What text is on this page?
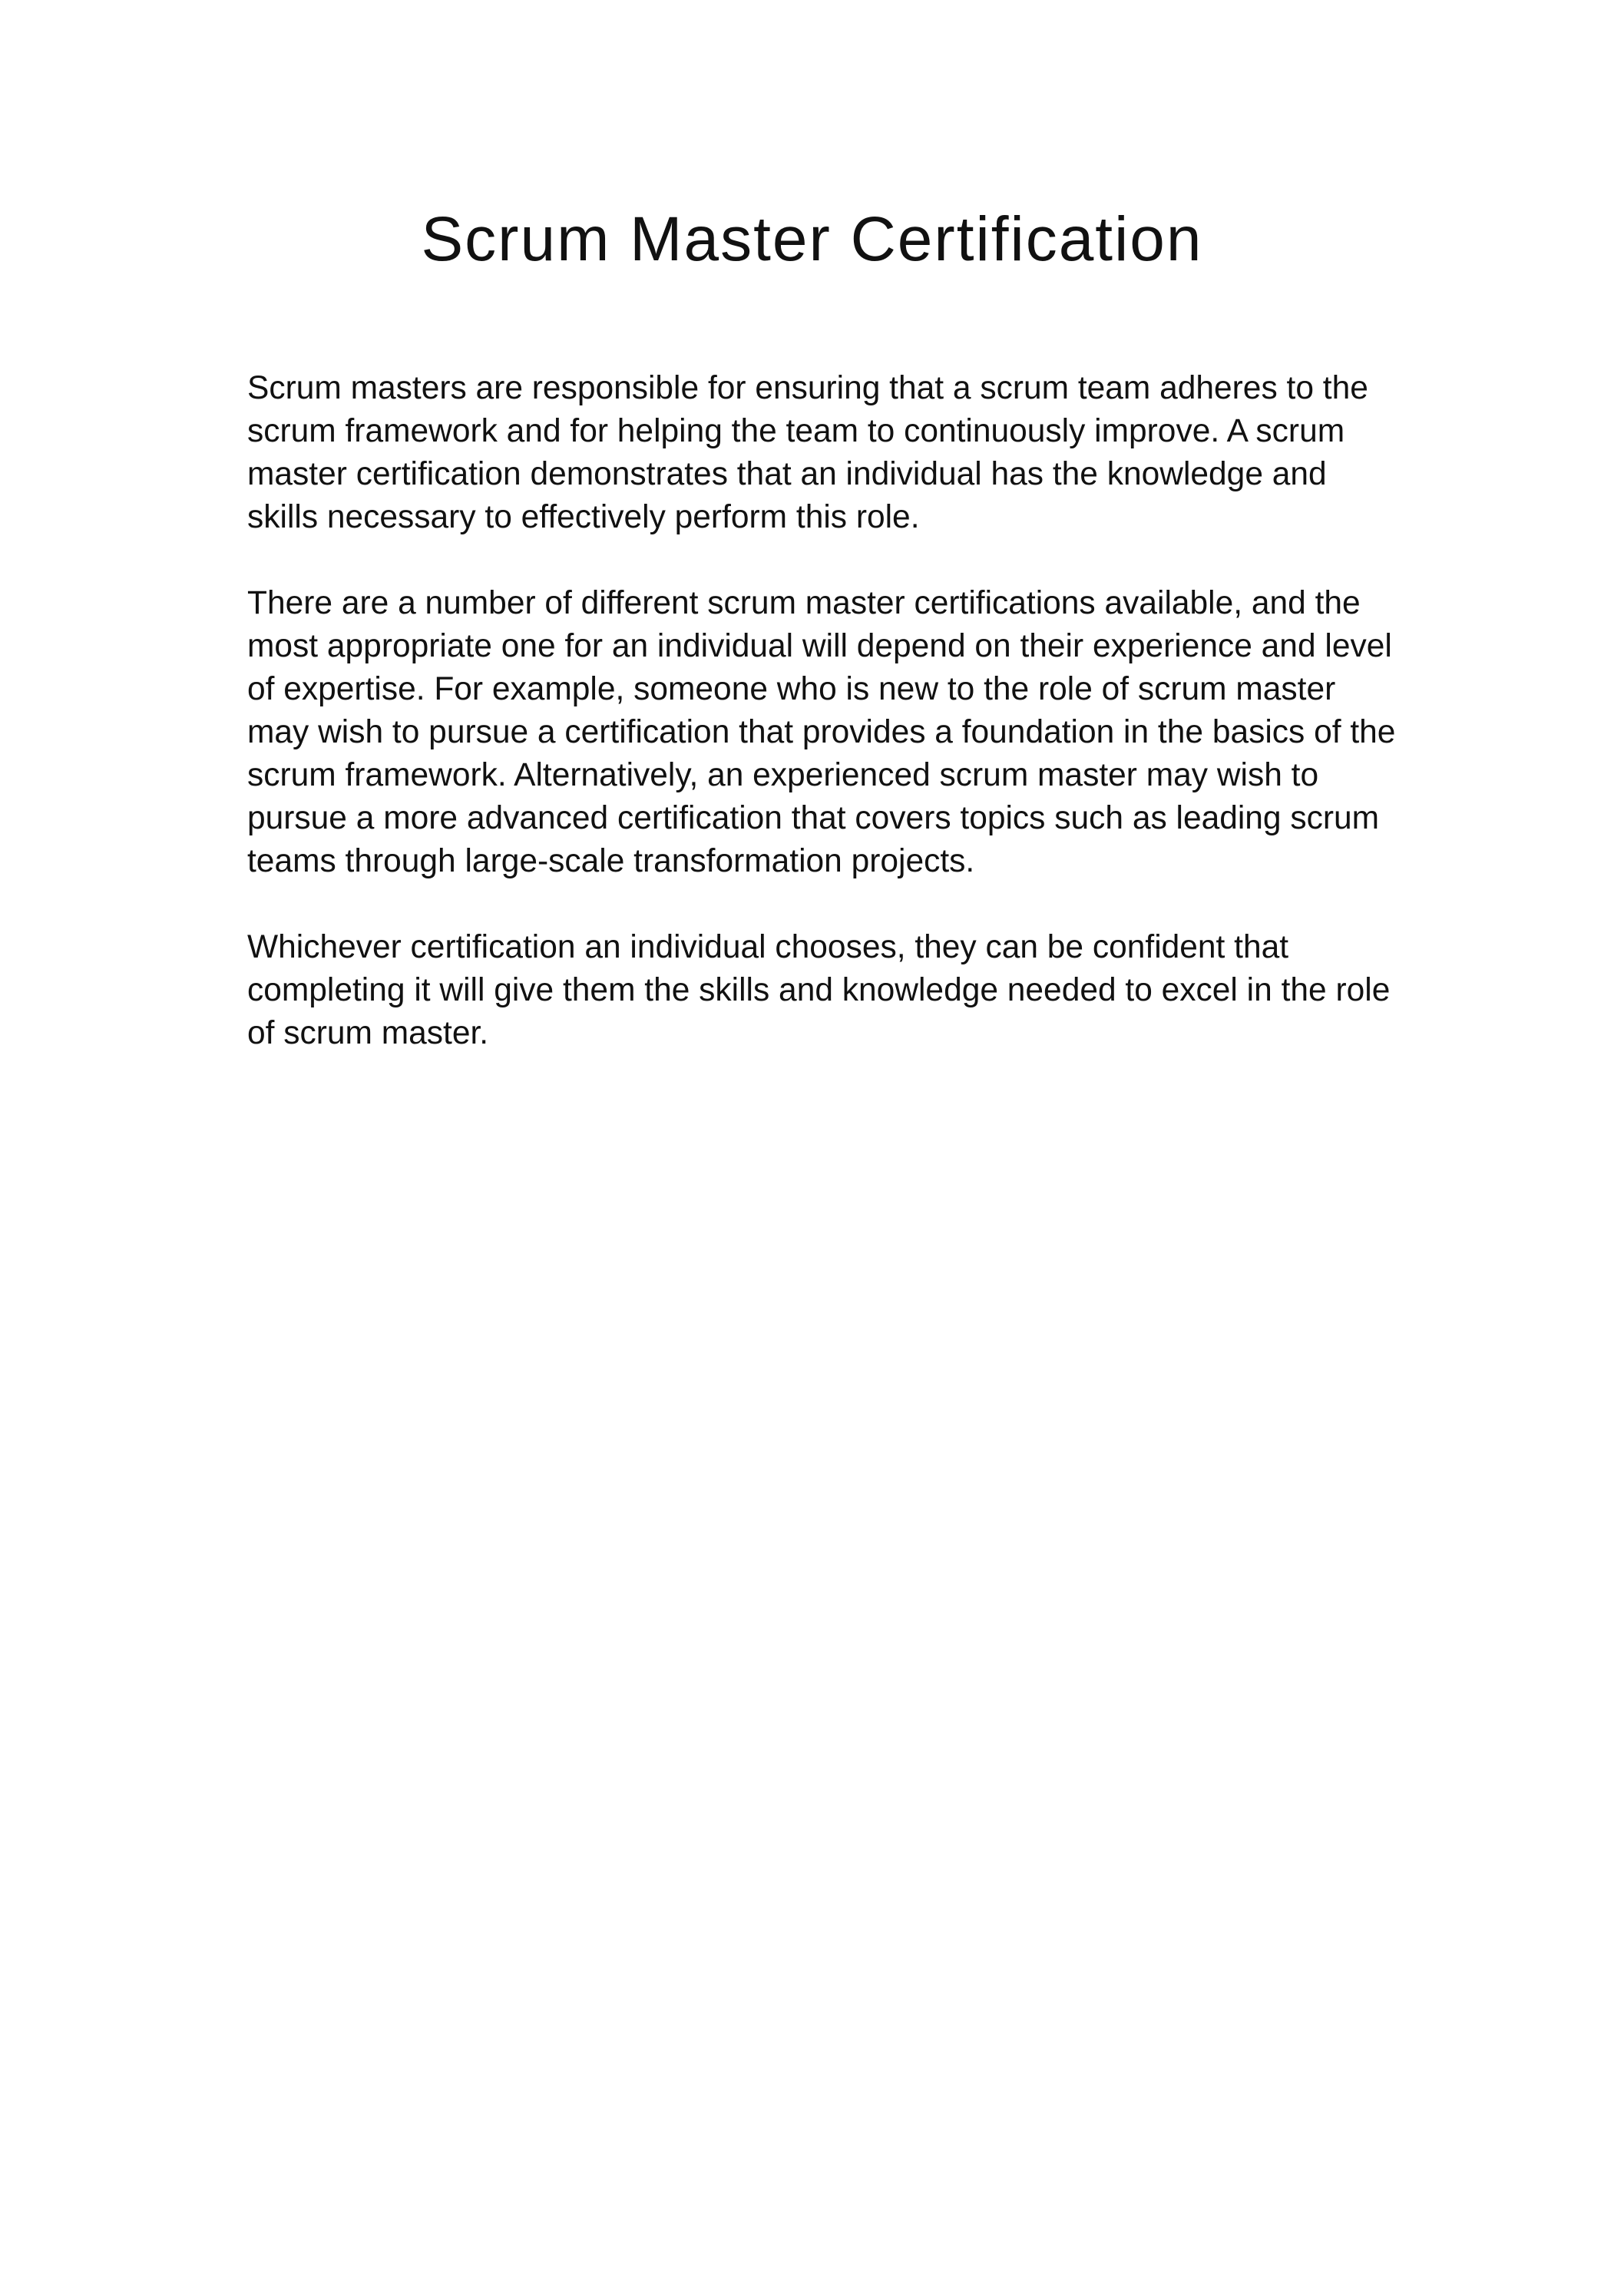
Scrum Master Certification

Scrum masters are responsible for ensuring that a scrum team adheres to the scrum framework and for helping the team to continuously improve. A scrum master certification demonstrates that an individual has the knowledge and skills necessary to effectively perform this role.

There are a number of different scrum master certifications available, and the most appropriate one for an individual will depend on their experience and level of expertise. For example, someone who is new to the role of scrum master may wish to pursue a certification that provides a foundation in the basics of the scrum framework. Alternatively, an experienced scrum master may wish to pursue a more advanced certification that covers topics such as leading scrum teams through large-scale transformation projects.

Whichever certification an individual chooses, they can be confident that completing it will give them the skills and knowledge needed to excel in the role of scrum master.
